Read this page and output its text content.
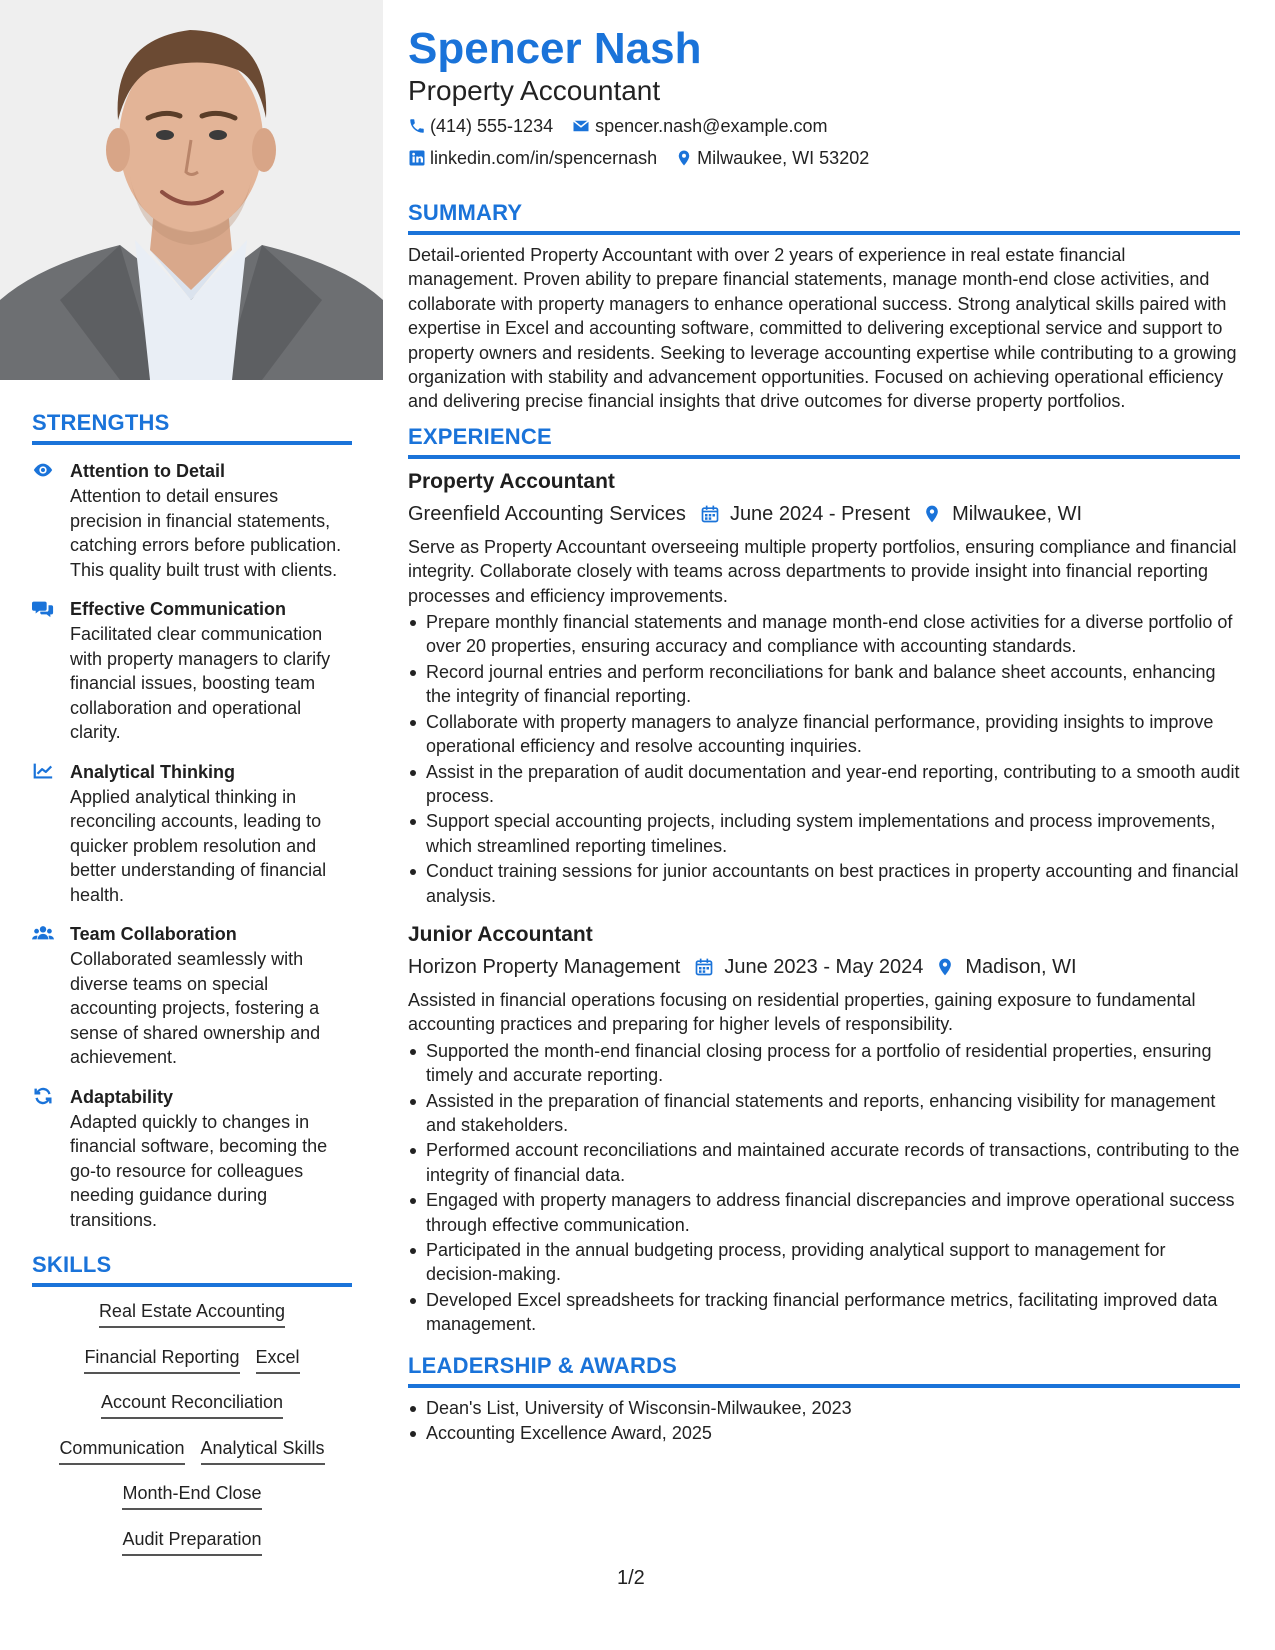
STRENGTHS
Attention to Detail
Attention to detail ensures precision in financial statements, catching errors before publication. This quality built trust with clients.
Effective Communication
Facilitated clear communication with property managers to clarify financial issues, boosting team collaboration and operational clarity.
Analytical Thinking
Applied analytical thinking in reconciling accounts, leading to quicker problem resolution and better understanding of financial health.
Team Collaboration
Collaborated seamlessly with diverse teams on special accounting projects, fostering a sense of shared ownership and achievement.
Adaptability
Adapted quickly to changes in financial software, becoming the go-to resource for colleagues needing guidance during transitions.
SKILLS
Real Estate Accounting
Financial Reporting Excel
Account Reconciliation
Communication Analytical Skills
Month-End Close
Audit Preparation
Spencer Nash
Property Accountant
(414) 555-1234 spencer.nash@example.com
linkedin.com/in/spencernash Milwaukee, WI 53202
SUMMARY
Detail-oriented Property Accountant with over 2 years of experience in real estate financial management. Proven ability to prepare financial statements, manage month-end close activities, and collaborate with property managers to enhance operational success. Strong analytical skills paired with expertise in Excel and accounting software, committed to delivering exceptional service and support to property owners and residents. Seeking to leverage accounting expertise while contributing to a growing organization with stability and advancement opportunities. Focused on achieving operational efficiency and delivering precise financial insights that drive outcomes for diverse property portfolios.
EXPERIENCE
Property Accountant
Greenfield Accounting Services June 2024 - Present Milwaukee, WI
Serve as Property Accountant overseeing multiple property portfolios, ensuring compliance and financial integrity. Collaborate closely with teams across departments to provide insight into financial reporting processes and efficiency improvements.
Prepare monthly financial statements and manage month-end close activities for a diverse portfolio of over 20 properties, ensuring accuracy and compliance with accounting standards.
Record journal entries and perform reconciliations for bank and balance sheet accounts, enhancing the integrity of financial reporting.
Collaborate with property managers to analyze financial performance, providing insights to improve operational efficiency and resolve accounting inquiries.
Assist in the preparation of audit documentation and year-end reporting, contributing to a smooth audit process.
Support special accounting projects, including system implementations and process improvements, which streamlined reporting timelines.
Conduct training sessions for junior accountants on best practices in property accounting and financial analysis.
Junior Accountant
Horizon Property Management June 2023 - May 2024 Madison, WI
Assisted in financial operations focusing on residential properties, gaining exposure to fundamental accounting practices and preparing for higher levels of responsibility.
Supported the month-end financial closing process for a portfolio of residential properties, ensuring timely and accurate reporting.
Assisted in the preparation of financial statements and reports, enhancing visibility for management and stakeholders.
Performed account reconciliations and maintained accurate records of transactions, contributing to the integrity of financial data.
Engaged with property managers to address financial discrepancies and improve operational success through effective communication.
Participated in the annual budgeting process, providing analytical support to management for decision-making.
Developed Excel spreadsheets for tracking financial performance metrics, facilitating improved data management.
LEADERSHIP & AWARDS
Dean's List, University of Wisconsin-Milwaukee, 2023
Accounting Excellence Award, 2025
1/2
